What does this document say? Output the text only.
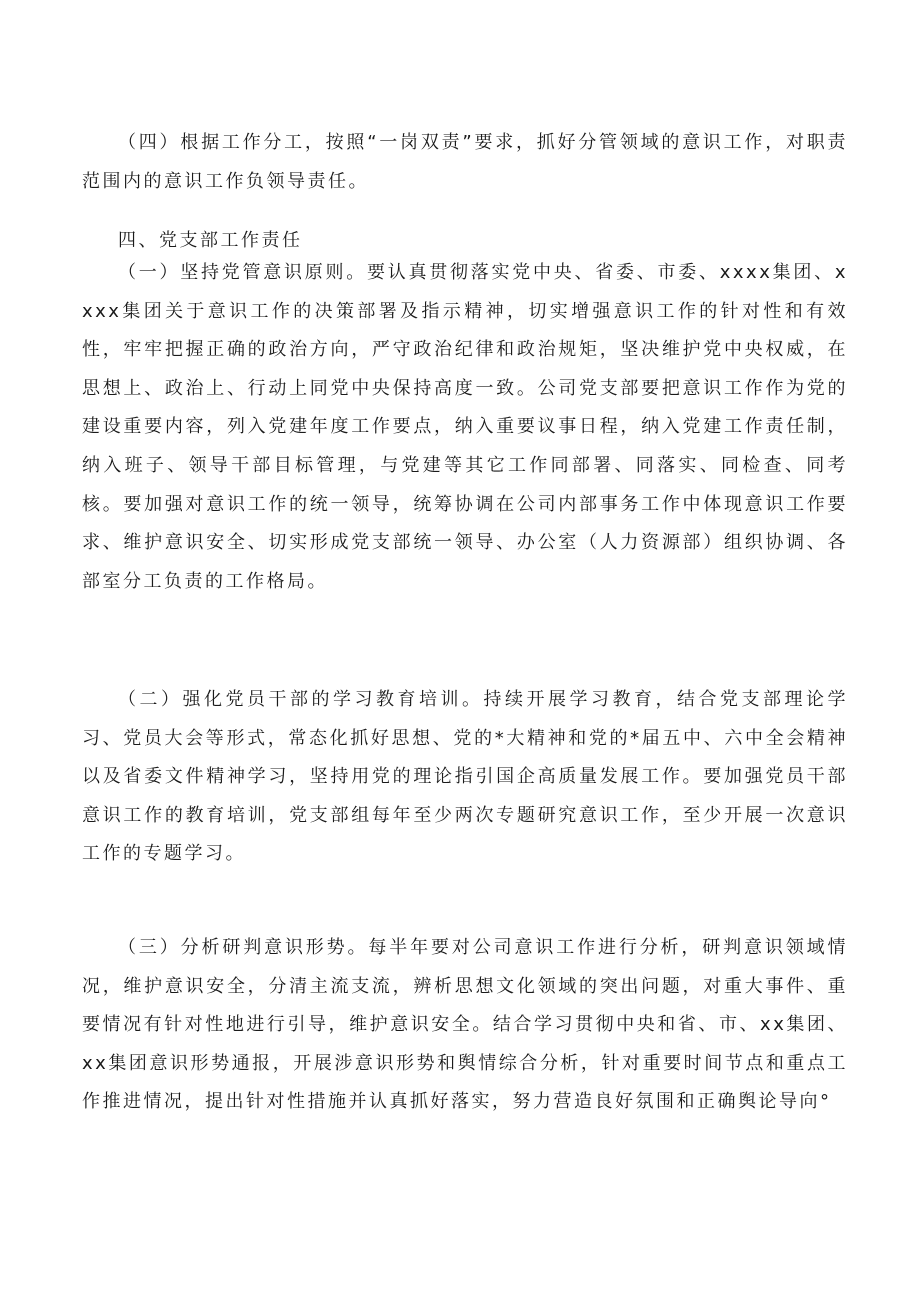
（四）根据工作分工，按照“一岗双责”要求，抓好分管领域的意识工作，对职责范围内的意识工作负领导责任。

四、党支部工作责任

（一）坚持党管意识原则。要认真贯彻落实党中央、省委、市委、xxxx集团、xxxx集团关于意识工作的决策部署及指示精神，切实增强意识工作的针对性和有效性，牢牢把握正确的政治方向，严守政治纪律和政治规矩，坚决维护党中央权威，在思想上、政治上、行动上同党中央保持高度一致。公司党支部要把意识工作作为党的建设重要内容，列入党建年度工作要点，纳入重要议事日程，纳入党建工作责任制，纳入班子、领导干部目标管理，与党建等其它工作同部署、同落实、同检查、同考核。要加强对意识工作的统一领导，统筹协调在公司内部事务工作中体现意识工作要求、维护意识安全、切实形成党支部统一领导、办公室（人力资源部）组织协调、各部室分工负责的工作格局。

（二）强化党员干部的学习教育培训。持续开展学习教育，结合党支部理论学习、党员大会等形式，常态化抓好思想、党的*大精神和党的*届五中、六中全会精神以及省委文件精神学习，坚持用党的理论指引国企高质量发展工作。要加强党员干部意识工作的教育培训，党支部组每年至少两次专题研究意识工作，至少开展一次意识工作的专题学习。

（三）分析研判意识形势。每半年要对公司意识工作进行分析，研判意识领域情况，维护意识安全，分清主流支流，辨析思想文化领域的突出问题，对重大事件、重要情况有针对性地进行引导，维护意识安全。结合学习贯彻中央和省、市、xx集团、xx集团意识形势通报，开展涉意识形势和舆情综合分析，针对重要时间节点和重点工作推进情况，提出针对性措施并认真抓好落实，努力营造良好氛围和正确舆论导向°
